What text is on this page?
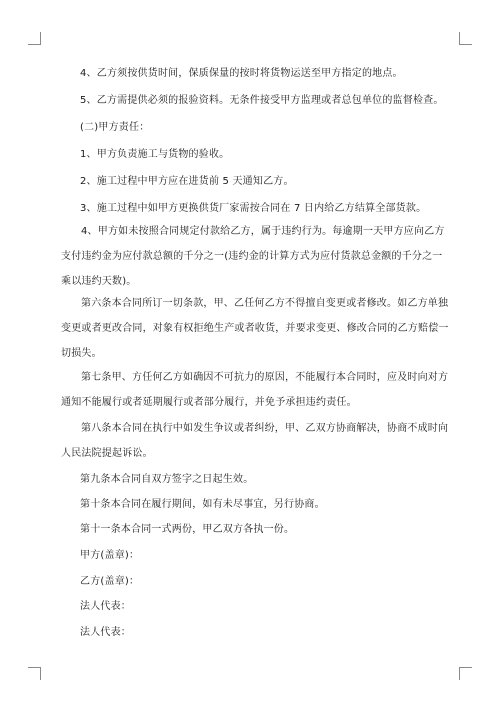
4、乙方须按供货时间，保质保量的按时将货物运送至甲方指定的地点。
5、乙方需提供必须的报验资料。无条件接受甲方监理或者总包单位的监督检查。
(二)甲方责任：
1、甲方负责施工与货物的验收。
2、施工过程中甲方应在进货前 5 天通知乙方。
3、施工过程中如甲方更换供货厂家需按合同在 7 日内给乙方结算全部货款。
4、甲方如未按照合同规定付款给乙方，属于违约行为。每逾期一天甲方应向乙方支付违约金为应付款总额的千分之一(违约金的计算方式为应付货款总金额的千分之一乘以违约天数)。
第六条本合同所订一切条款，甲、乙任何乙方不得擅自变更或者修改。如乙方单独变更或者更改合同，对象有权拒绝生产或者收货，并要求变更、修改合同的乙方赔偿一切损失。
第七条甲、方任何乙方如确因不可抗力的原因，不能履行本合同时，应及时向对方通知不能履行或者延期履行或者部分履行，并免予承担违约责任。
第八条本合同在执行中如发生争议或者纠纷，甲、乙双方协商解决，协商不成时向人民法院提起诉讼。
第九条本合同自双方签字之日起生效。
第十条本合同在履行期间，如有未尽事宜，另行协商。
第十一条本合同一式两份，甲乙双方各执一份。
甲方(盖章)：
乙方(盖章)：
法人代表：
法人代表：
